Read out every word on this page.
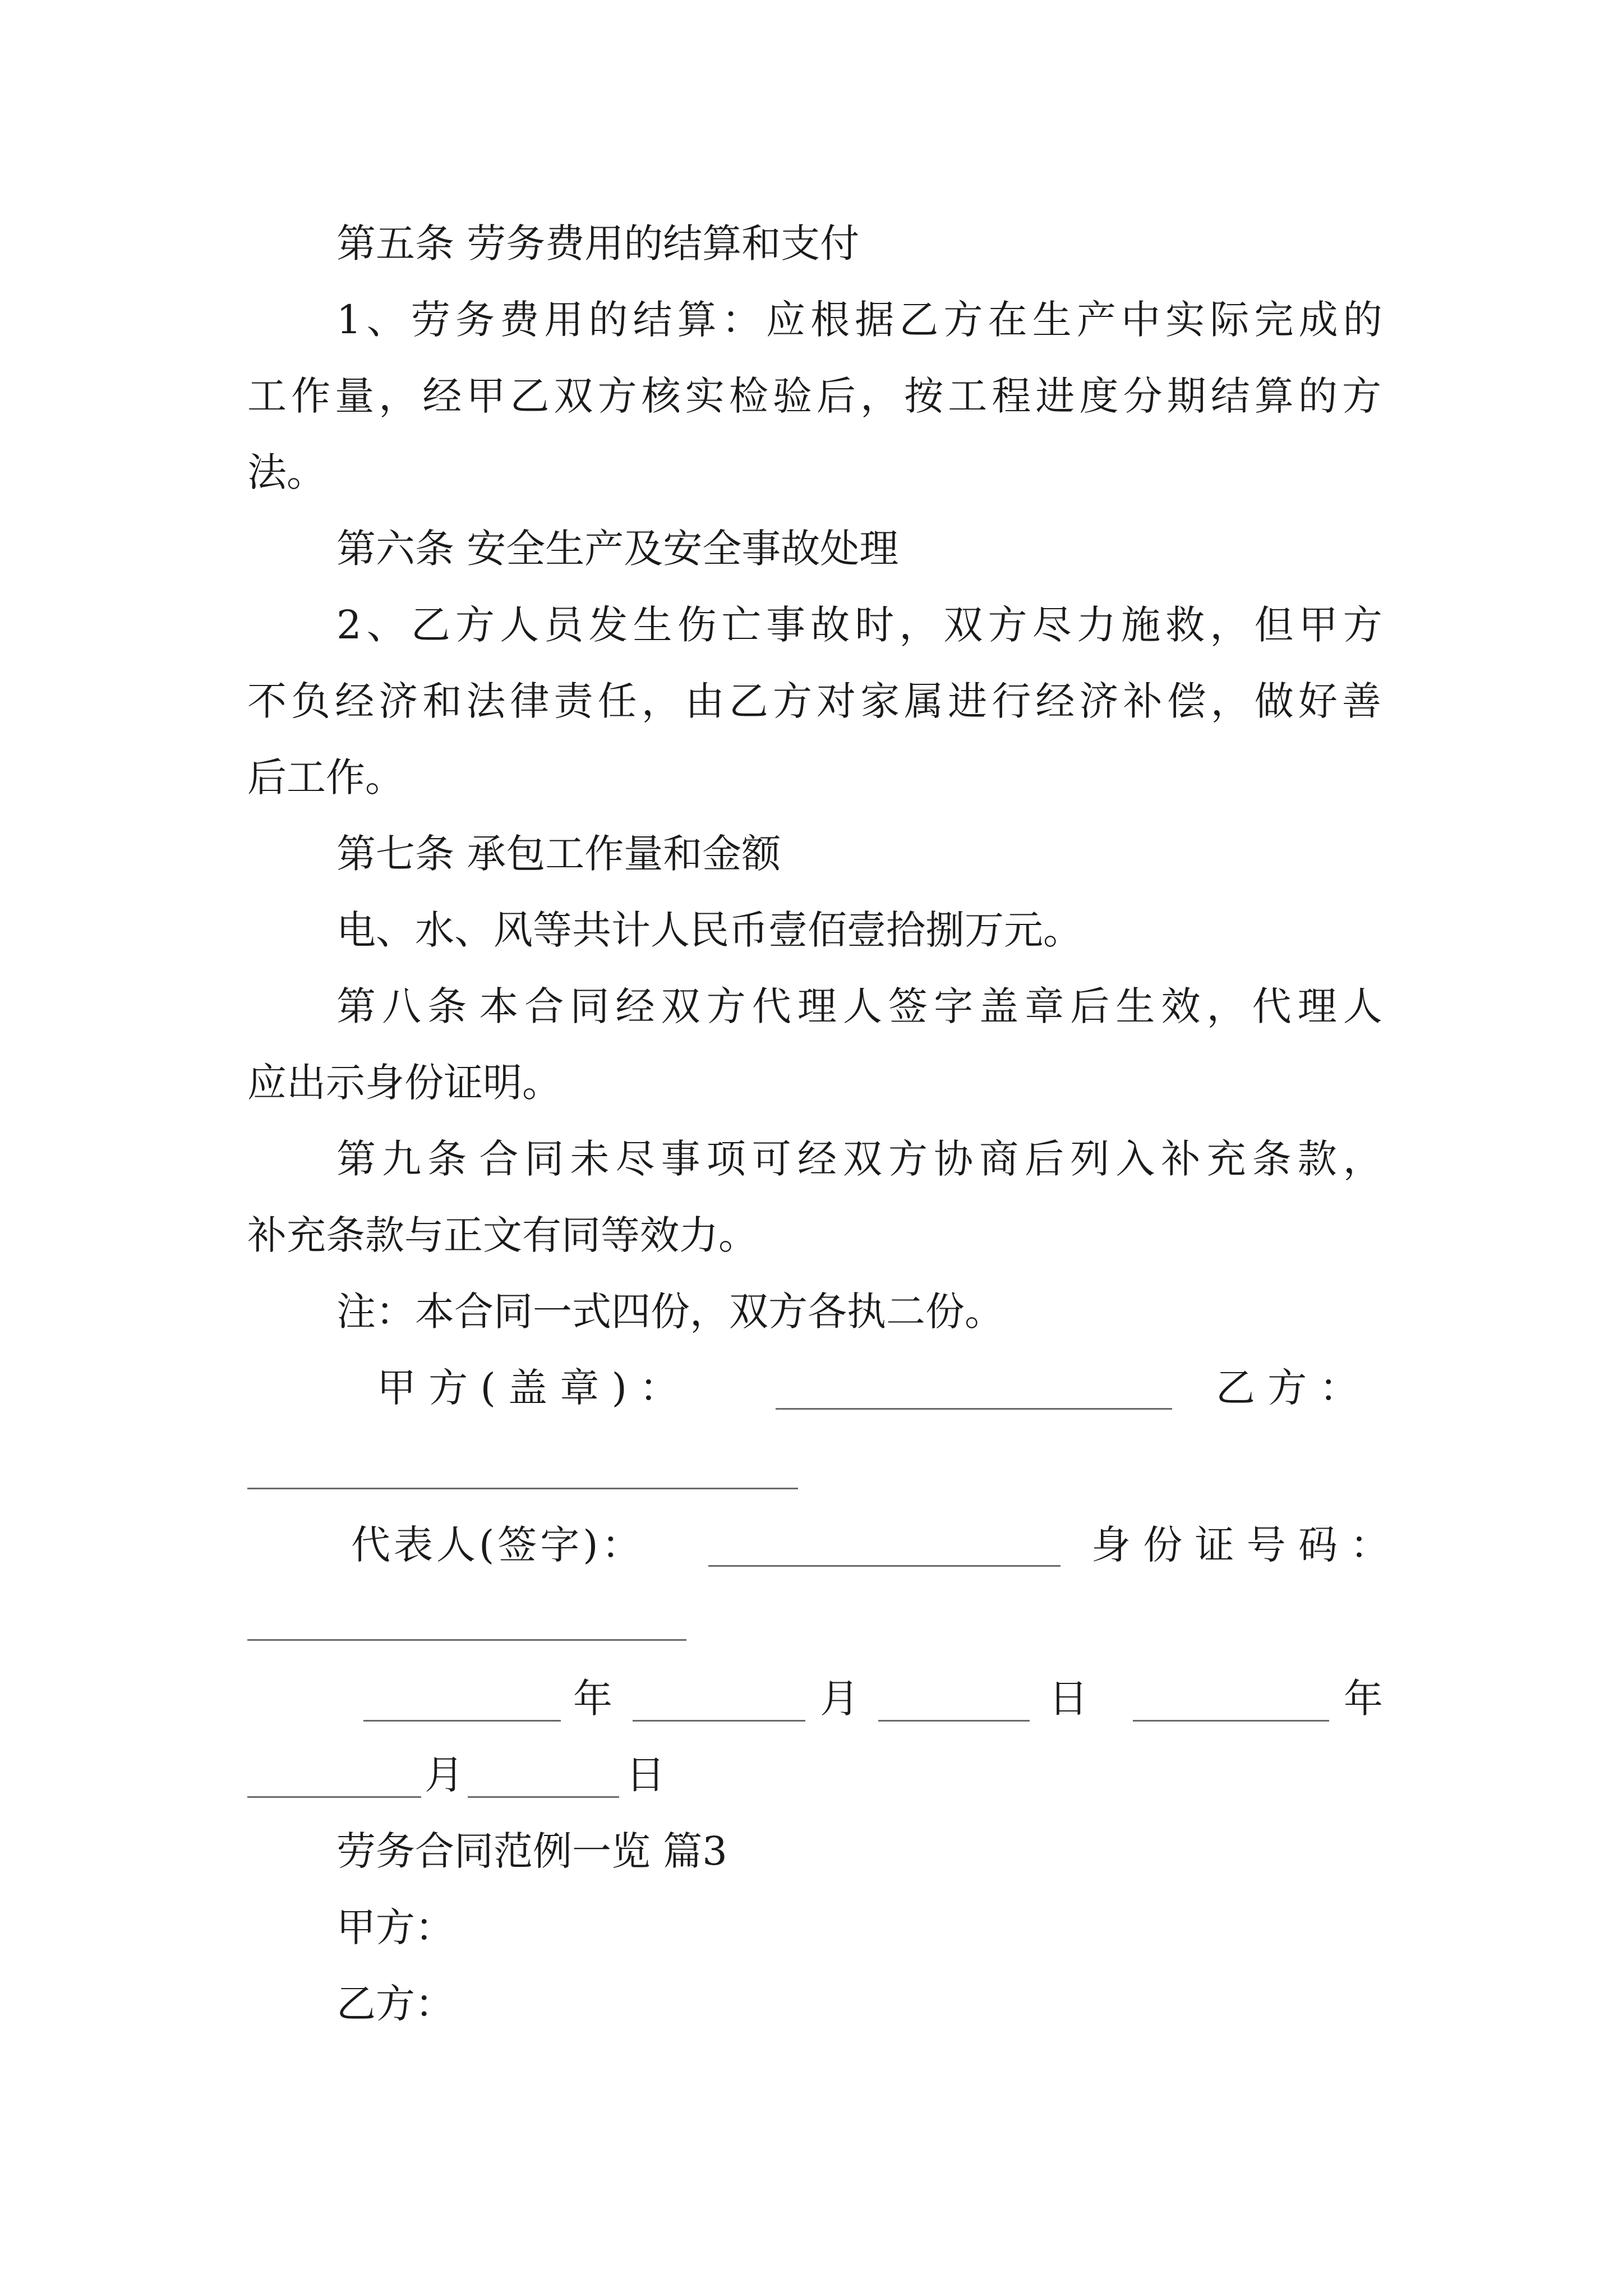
第五条 劳务费用的结算和支付
1 、 劳 务 费 用 的 结 算 ： 应 根 据 乙 方 在 生 产 中 实 际 完 成 的
工 作 量 ， 经 甲 乙 双 方 核 实 检 验 后 ， 按 工 程 进 度 分 期 结 算 的 方
法。
第六条 安全生产及安全事故处理
2 、 乙 方 人 员 发 生 伤 亡 事 故 时 ， 双 方 尽 力 施 救 ， 但 甲 方
不 负 经 济 和 法 律 责 任 ， 由 乙 方 对 家 属 进 行 经 济 补 偿 ， 做 好 善
后工作。
第七条 承包工作量和金额
电、水、风等共计人民币壹佰壹拾捌万元。
第 八 条 本 合 同 经 双 方 代 理 人 签 字 盖 章 后 生 效 ， 代 理 人
应出示身份证明。
第 九 条 合 同 未 尽 事 项 可 经 双 方 协 商 后 列 入 补 充 条 款 ，
补充条款与正文有同等效力。
注：本合同一式四份，双方各执二份。
甲 方 ( 盖 章 ) ：	乙 方 ：
代表人(签字)：	身 份 证 号 码 ：
年	月	日	年
月	日
劳务合同范例一览 篇3
甲方：
乙方：
